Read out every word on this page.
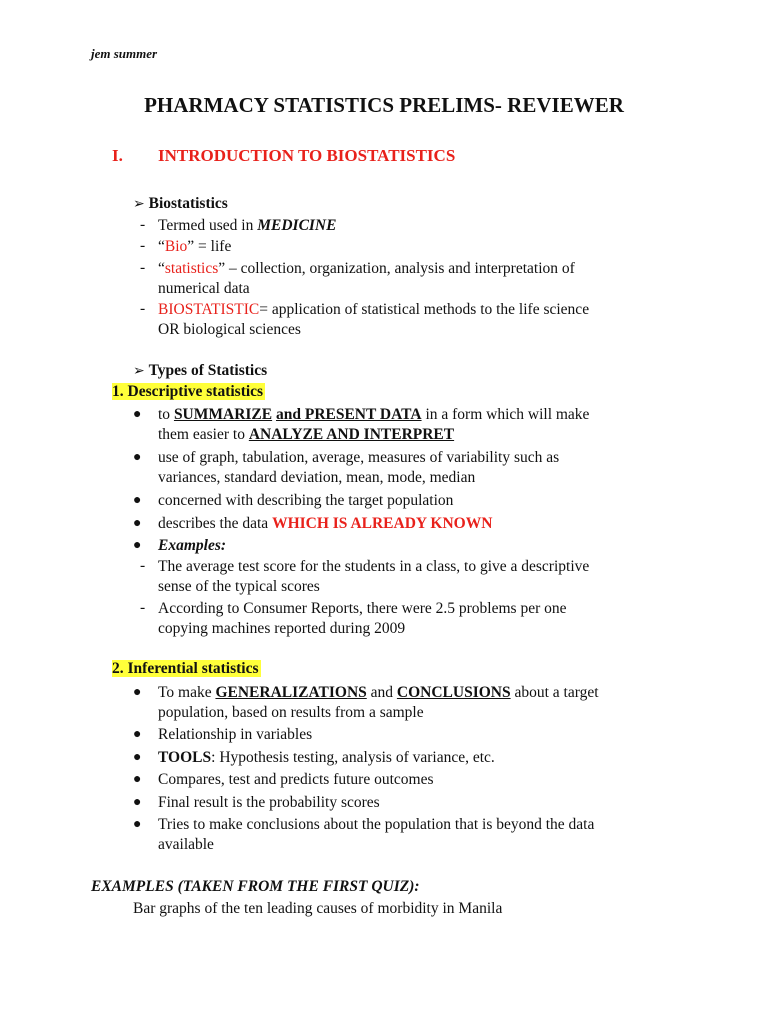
jem summer
PHARMACY STATISTICS PRELIMS- REVIEWER
I. INTRODUCTION TO BIOSTATISTICS
➢ Biostatistics
- Termed used in MEDICINE
- “Bio” = life
- “statistics” – collection, organization, analysis and interpretation of
numerical data
- BIOSTATISTIC= application of statistical methods to the life science
OR biological sciences
➢ Types of Statistics
1. Descriptive statistics
● to SUMMARIZE and PRESENT DATA in a form which will make
them easier to ANALYZE AND INTERPRET
● use of graph, tabulation, average, measures of variability such as
variances, standard deviation, mean, mode, median
● concerned with describing the target population
● describes the data WHICH IS ALREADY KNOWN
● Examples:
- The average test score for the students in a class, to give a descriptive
sense of the typical scores
- According to Consumer Reports, there were 2.5 problems per one
copying machines reported during 2009
2. Inferential statistics
● To make GENERALIZATIONS and CONCLUSIONS about a target
population, based on results from a sample
● Relationship in variables
● TOOLS: Hypothesis testing, analysis of variance, etc.
● Compares, test and predicts future outcomes
● Final result is the probability scores
● Tries to make conclusions about the population that is beyond the data
available
EXAMPLES (TAKEN FROM THE FIRST QUIZ):
Bar graphs of the ten leading causes of morbidity in Manila
